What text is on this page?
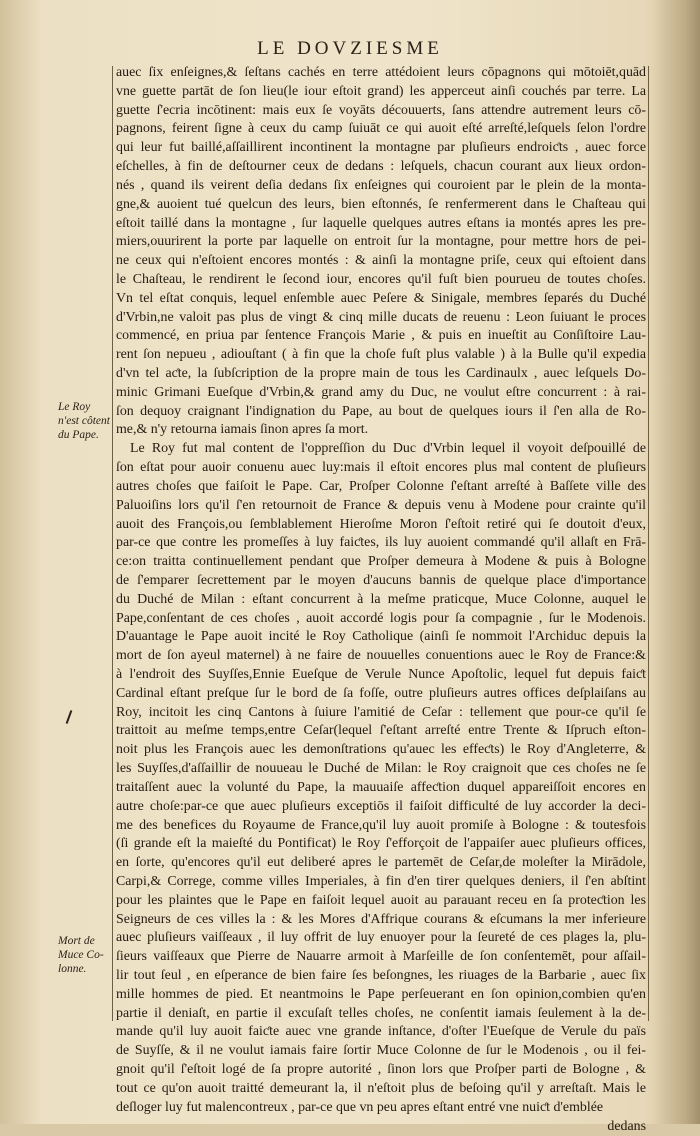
LE DOVZIESME
Le Roy
n'est côtent
du Pape.
Mort de
Muce Co-
lonne.
auec ſix enſeignes,& ſeſtans cachés en terre attédoient leurs cōpagnons qui mōtoiēt,quād
vne guette partāt de ſon lieu(le iour eſtoit grand) les apperceut ainſi couchés par terre. La
guette ſ'ecria incōtinent: mais eux ſe voyāts découuerts, ſans attendre autrement leurs cō-
pagnons, feirent ſigne à ceux du camp ſuiuāt ce qui auoit eſté arreſté,leſquels ſelon l'ordre
qui leur fut baillé,aſſaillirent incontinent la montagne par pluſieurs endroiƈts , auec force
eſchelles, à fin de deſtourner ceux de dedans : leſquels, chacun courant aux lieux ordon-
nés , quand ils veirent deſia dedans ſix enſeignes qui couroient par le plein de la monta-
gne,& auoient tué quelcun des leurs, bien eſtonnés, ſe renfermerent dans le Chaſteau qui
eſtoit taillé dans la montagne , ſur laquelle quelques autres eſtans ia montés apres les pre-
miers,ouurirent la porte par laquelle on entroit ſur la montagne, pour mettre hors de pei-
ne ceux qui n'eſtoient encores montés : & ainſi la montagne priſe, ceux qui eſtoient dans
le Chaſteau, le rendirent le ſecond iour, encores qu'il fuſt bien pourueu de toutes choſes.
Vn tel eſtat conquis, lequel enſemble auec Peſere & Sinigale, membres ſeparés du Duché
d'Vrbin,ne valoit pas plus de vingt & cinq mille ducats de reuenu : Leon ſuiuant le proces
commencé, en priua par ſentence François Marie , & puis en inueſtit au Conſiſtoire Lau-
rent ſon nepueu , adiouſtant ( à fin que la choſe fuſt plus valable ) à la Bulle qu'il expedia
d'vn tel aƈte, la ſubſcription de la propre main de tous les Cardinaulx , auec leſquels Do-
minic Grimani Eueſque d'Vrbin,& grand amy du Duc, ne voulut eſtre concurrent : à rai-
ſon dequoy craignant l'indignation du Pape, au bout de quelques iours il ſ'en alla de Ro-
me,& n'y retourna iamais ſinon apres ſa mort.
Le Roy fut mal content de l'oppreſſion du Duc d'Vrbin lequel il voyoit deſpouillé de
ſon eſtat pour auoir conuenu auec luy:mais il eſtoit encores plus mal content de pluſieurs
autres choſes que faiſoit le Pape. Car, Proſper Colonne ſ'eſtant arreſté à Baſſete ville des
Paluoiſins lors qu'il ſ'en retournoit de France & depuis venu à Modene pour crainte qu'il
auoit des François,ou ſemblablement Hieroſme Moron ſ'eſtoit retiré qui ſe doutoit d'eux,
par-ce que contre les promeſſes à luy faiƈtes, ils luy auoient commandé qu'il allaſt en Frā-
ce:on traitta continuellement pendant que Proſper demeura à Modene & puis à Bologne
de ſ'emparer ſecrettement par le moyen d'aucuns bannis de quelque place d'importance
du Duché de Milan : eſtant concurrent à la meſme praticque, Muce Colonne, auquel le
Pape,conſentant de ces choſes , auoit accordé logis pour ſa compagnie , ſur le Modenois.
D'auantage le Pape auoit incité le Roy Catholique (ainſi ſe nommoit l'Archiduc depuis la
mort de ſon ayeul maternel) à ne faire de nouuelles conuentions auec le Roy de France:&
à l'endroit des Suyſſes,Ennie Eueſque de Verule Nunce Apoſtolic, lequel fut depuis faiƈt
Cardinal eſtant preſque ſur le bord de ſa foſſe, outre pluſieurs autres offices deſplaiſans au
Roy, incitoit les cinq Cantons à ſuiure l'amitié de Ceſar : tellement que pour-ce qu'il ſe
traittoit au meſme temps,entre Ceſar(lequel ſ'eſtant arreſté entre Trente & Iſpruch eſton-
noit plus les François auec les demonſtrations qu'auec les effeƈts) le Roy d'Angleterre, &
les Suyſſes,d'aſſaillir de nouueau le Duché de Milan: le Roy craignoit que ces choſes ne ſe
traitaſſent auec la volunté du Pape, la mauuaiſe affeƈtion duquel appareiſſoit encores en
autre choſe:par-ce que auec pluſieurs exceptiōs il faiſoit difficulté de luy accorder la deci-
me des benefices du Royaume de France,qu'il luy auoit promiſe à Bologne : & toutesfois
(ſi grande eſt la maieſté du Pontificat) le Roy ſ'efforçoit de l'appaiſer auec pluſieurs offices,
en ſorte, qu'encores qu'il eut deliberé apres le partemēt de Ceſar,de moleſter la Mirādole,
Carpi,& Correge, comme villes Imperiales, à fin d'en tirer quelques deniers, il ſ'en abſtint
pour les plaintes que le Pape en faiſoit lequel auoit au parauant receu en ſa proteƈtion les
Seigneurs de ces villes la : & les Mores d'Affrique courans & eſcumans la mer inferieure
auec pluſieurs vaiſſeaux , il luy offrit de luy enuoyer pour la ſeureté de ces plages la, plu-
ſieurs vaiſſeaux que Pierre de Nauarre armoit à Marſeille de ſon conſentemēt, pour aſſail-
lir tout ſeul , en eſperance de bien faire ſes beſongnes, les riuages de la Barbarie , auec ſix
mille hommes de pied. Et neantmoins le Pape perſeuerant en ſon opinion,combien qu'en
partie il deniaſt, en partie il excuſaſt telles choſes, ne conſentit iamais ſeulement à la de-
mande qu'il luy auoit faiƈte auec vne grande inſtance, d'oſter l'Eueſque de Verule du païs
de Suyſſe, & il ne voulut iamais faire ſortir Muce Colonne de ſur le Modenois , ou il fei-
gnoit qu'il ſ'eſtoit logé de ſa propre autorité , ſinon lors que Proſper parti de Bologne , &
tout ce qu'on auoit traitté demeurant la, il n'eſtoit plus de beſoing qu'il y arreſtaſt. Mais le
deſloger luy fut malencontreux , par-ce que vn peu apres eſtant entré vne nuiƈt d'emblée
dedans
